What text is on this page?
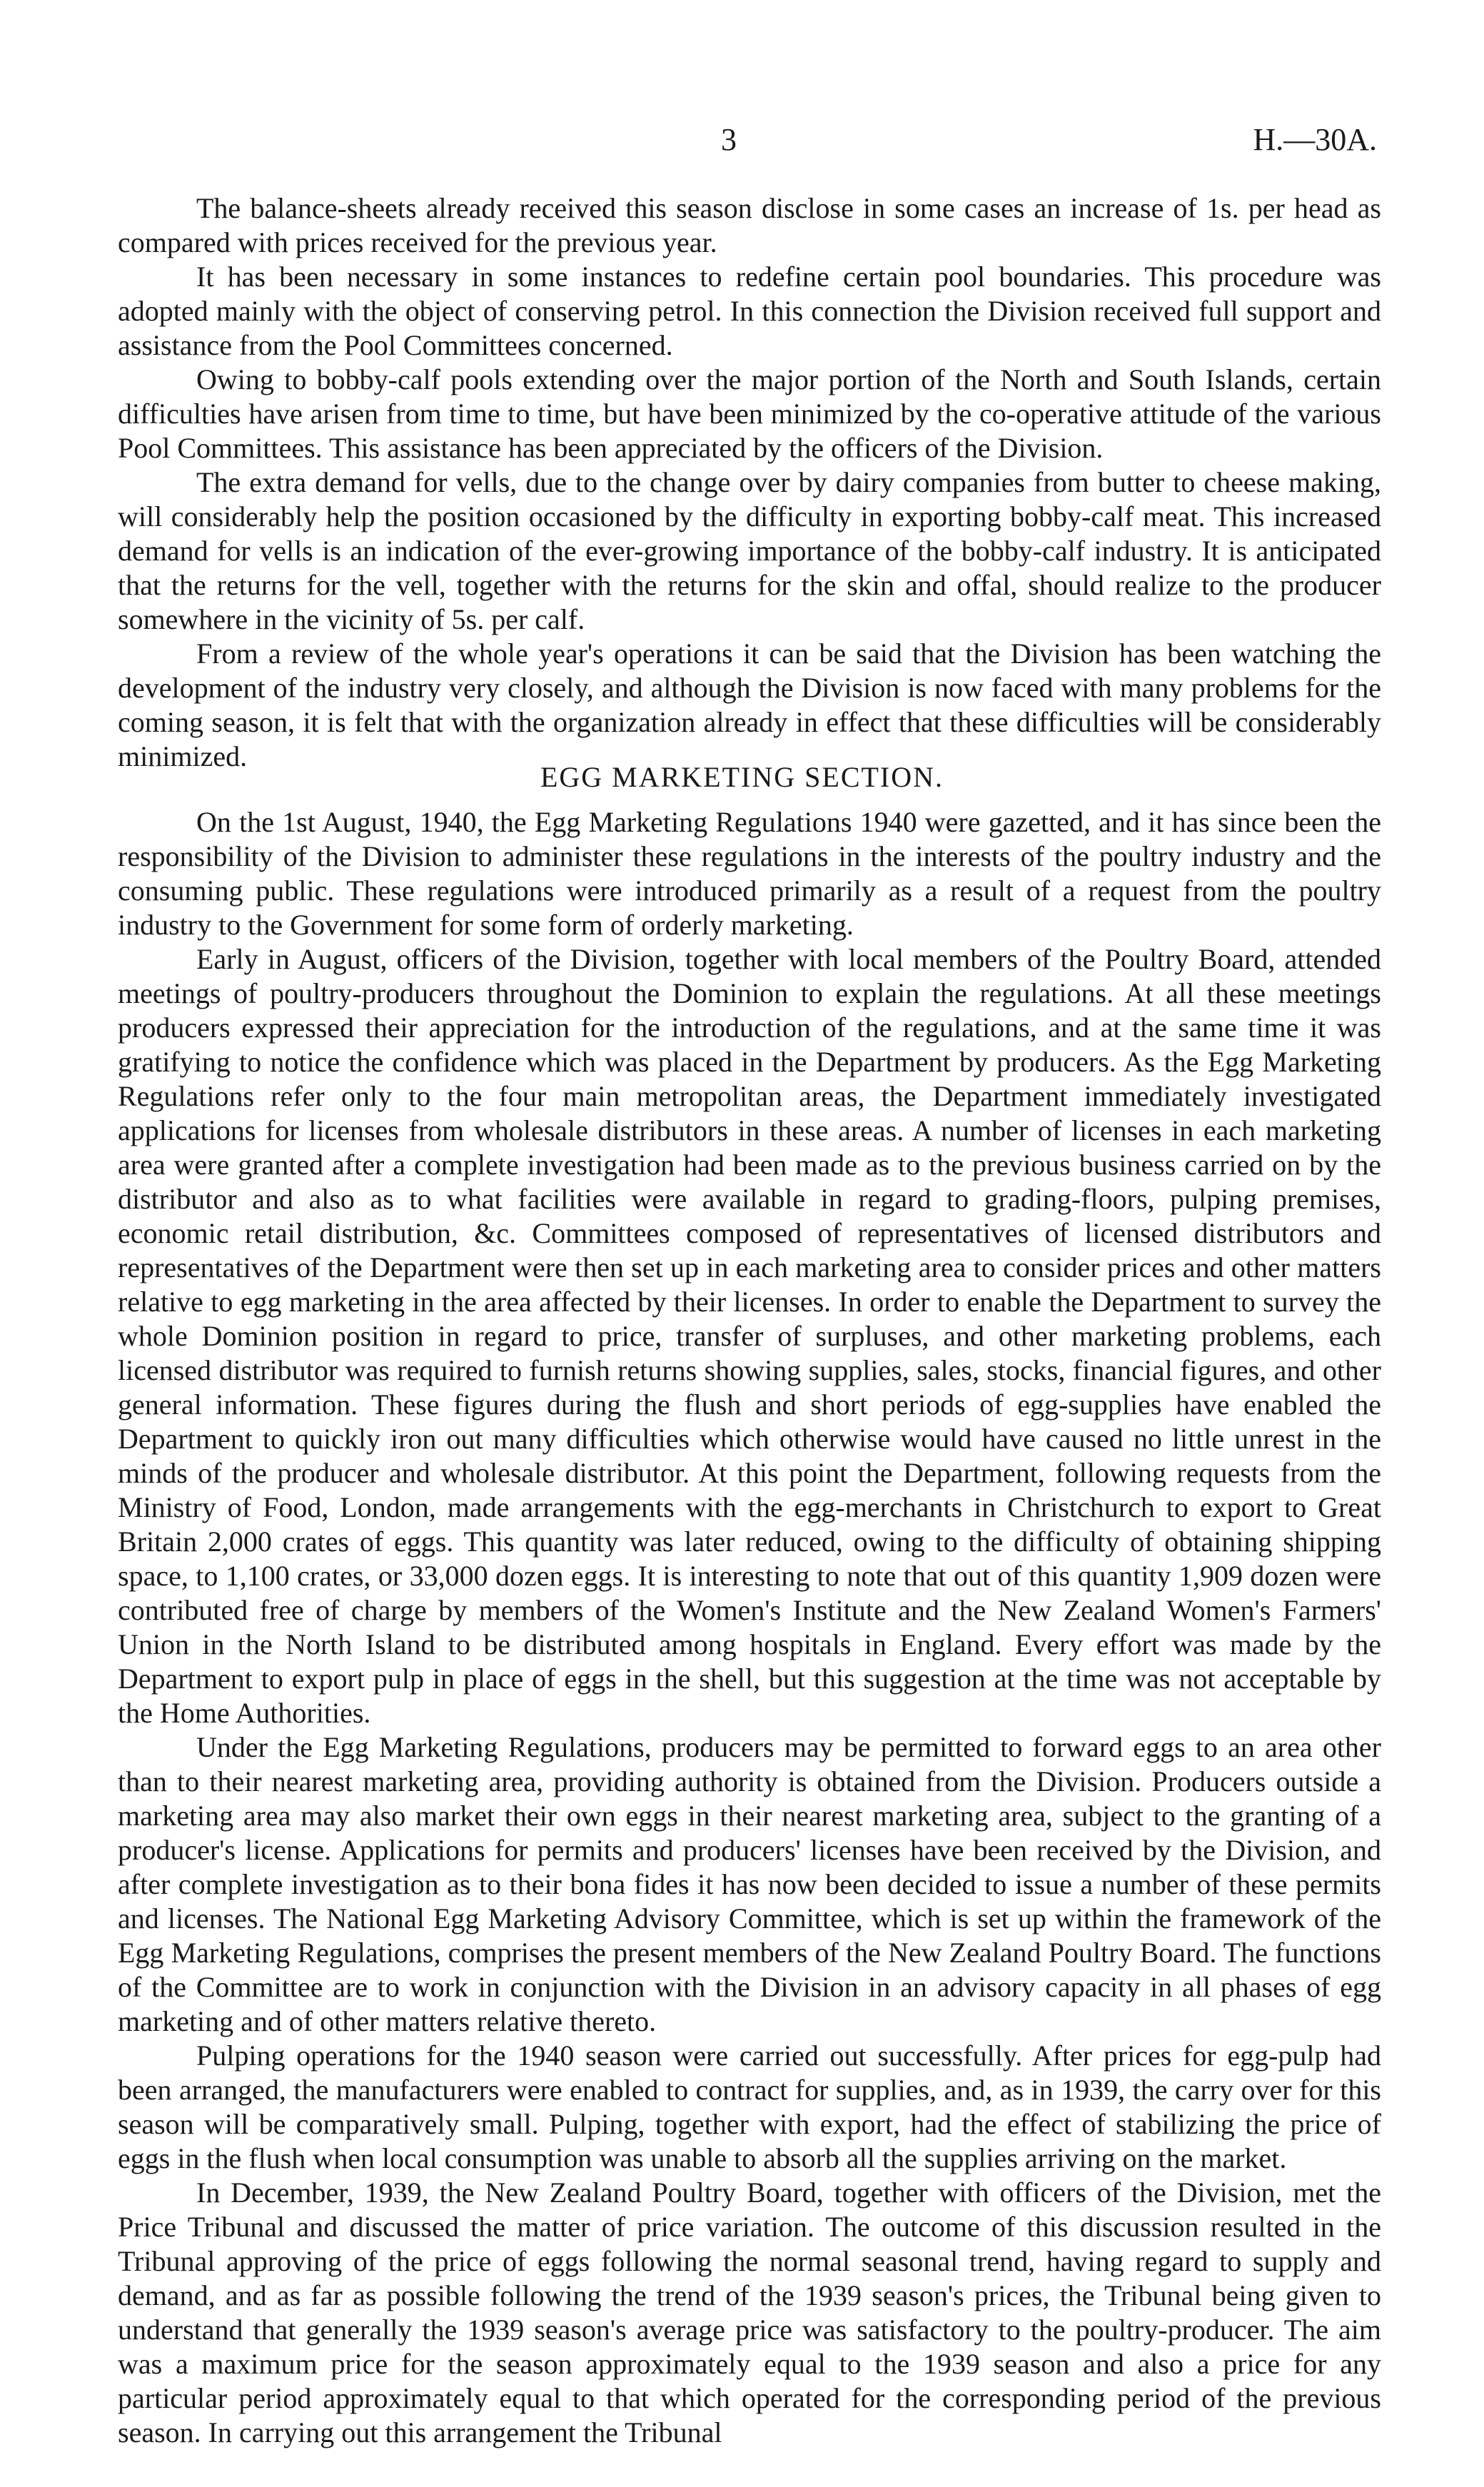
3	H.—30A.

The balance-sheets already received this season disclose in some cases an increase of 1s. per head as compared with prices received for the previous year.

It has been necessary in some instances to redefine certain pool boundaries. This procedure was adopted mainly with the object of conserving petrol. In this connection the Division received full support and assistance from the Pool Committees concerned.

Owing to bobby-calf pools extending over the major portion of the North and South Islands, certain difficulties have arisen from time to time, but have been minimized by the co-operative attitude of the various Pool Committees. This assistance has been appreciated by the officers of the Division.

The extra demand for vells, due to the change over by dairy companies from butter to cheese making, will considerably help the position occasioned by the difficulty in exporting bobby-calf meat. This increased demand for vells is an indication of the ever-growing importance of the bobby-calf industry. It is anticipated that the returns for the vell, together with the returns for the skin and offal, should realize to the producer somewhere in the vicinity of 5s. per calf.

From a review of the whole year's operations it can be said that the Division has been watching the development of the industry very closely, and although the Division is now faced with many problems for the coming season, it is felt that with the organization already in effect that these difficulties will be considerably minimized.

EGG MARKETING SECTION.

On the 1st August, 1940, the Egg Marketing Regulations 1940 were gazetted, and it has since been the responsibility of the Division to administer these regulations in the interests of the poultry industry and the consuming public. These regulations were introduced primarily as a result of a request from the poultry industry to the Government for some form of orderly marketing.

Early in August, officers of the Division, together with local members of the Poultry Board, attended meetings of poultry-producers throughout the Dominion to explain the regulations. At all these meetings producers expressed their appreciation for the introduction of the regulations, and at the same time it was gratifying to notice the confidence which was placed in the Department by producers. As the Egg Marketing Regulations refer only to the four main metropolitan areas, the Department immediately investigated applications for licenses from wholesale distributors in these areas. A number of licenses in each marketing area were granted after a complete investigation had been made as to the previous business carried on by the distributor and also as to what facilities were available in regard to grading-floors, pulping premises, economic retail distribution, &c. Committees composed of representatives of licensed distributors and representatives of the Department were then set up in each marketing area to consider prices and other matters relative to egg marketing in the area affected by their licenses. In order to enable the Department to survey the whole Dominion position in regard to price, transfer of surpluses, and other marketing problems, each licensed distributor was required to furnish returns showing supplies, sales, stocks, financial figures, and other general information. These figures during the flush and short periods of egg-supplies have enabled the Department to quickly iron out many difficulties which otherwise would have caused no little unrest in the minds of the producer and wholesale distributor. At this point the Department, following requests from the Ministry of Food, London, made arrangements with the egg-merchants in Christchurch to export to Great Britain 2,000 crates of eggs. This quantity was later reduced, owing to the difficulty of obtaining shipping space, to 1,100 crates, or 33,000 dozen eggs. It is interesting to note that out of this quantity 1,909 dozen were contributed free of charge by members of the Women's Institute and the New Zealand Women's Farmers' Union in the North Island to be distributed among hospitals in England. Every effort was made by the Department to export pulp in place of eggs in the shell, but this suggestion at the time was not acceptable by the Home Authorities.

Under the Egg Marketing Regulations, producers may be permitted to forward eggs to an area other than to their nearest marketing area, providing authority is obtained from the Division. Producers outside a marketing area may also market their own eggs in their nearest marketing area, subject to the granting of a producer's license. Applications for permits and producers' licenses have been received by the Division, and after complete investigation as to their bona fides it has now been decided to issue a number of these permits and licenses. The National Egg Marketing Advisory Committee, which is set up within the framework of the Egg Marketing Regulations, comprises the present members of the New Zealand Poultry Board. The functions of the Committee are to work in conjunction with the Division in an advisory capacity in all phases of egg marketing and of other matters relative thereto.

Pulping operations for the 1940 season were carried out successfully. After prices for egg-pulp had been arranged, the manufacturers were enabled to contract for supplies, and, as in 1939, the carry over for this season will be comparatively small. Pulping, together with export, had the effect of stabilizing the price of eggs in the flush when local consumption was unable to absorb all the supplies arriving on the market.

In December, 1939, the New Zealand Poultry Board, together with officers of the Division, met the Price Tribunal and discussed the matter of price variation. The outcome of this discussion resulted in the Tribunal approving of the price of eggs following the normal seasonal trend, having regard to supply and demand, and as far as possible following the trend of the 1939 season's prices, the Tribunal being given to understand that generally the 1939 season's average price was satisfactory to the poultry-producer. The aim was a maximum price for the season approximately equal to the 1939 season and also a price for any particular period approximately equal to that which operated for the corresponding period of the previous season. In carrying out this arrangement the Tribunal
